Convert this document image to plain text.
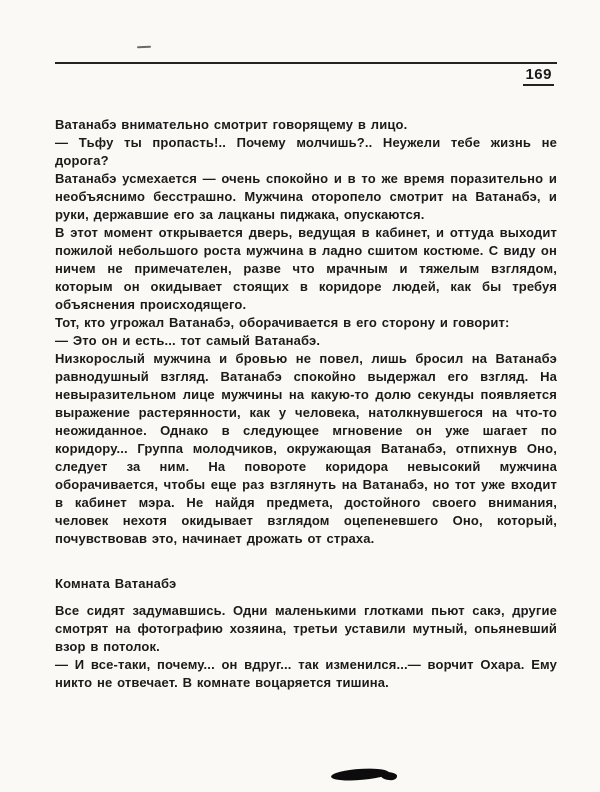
169

Ватанабэ внимательно смотрит говорящему в лицо.

— Тьфу ты пропасть!.. Почему молчишь?.. Неужели тебе жизнь не дорога?

Ватанабэ усмехается — очень спокойно и в то же время поразительно и необъяснимо бесстрашно. Мужчина оторопело смотрит на Ватанабэ, и руки, державшие его за лацканы пиджака, опускаются.

В этот момент открывается дверь, ведущая в кабинет, и оттуда выходит пожилой небольшого роста мужчина в ладно сшитом костюме. С виду он ничем не примечателен, разве что мрачным и тяжелым взглядом, которым он окидывает стоящих в коридоре людей, как бы требуя объяснения происходящего.

Тот, кто угрожал Ватанабэ, оборачивается в его сторону и говорит:

— Это он и есть... тот самый Ватанабэ.

Низкорослый мужчина и бровью не повел, лишь бросил на Ватанабэ равнодушный взгляд. Ватанабэ спокойно выдержал его взгляд. На невыразительном лице мужчины на какую-то долю секунды появляется выражение растерянности, как у человека, натолкнувшегося на что-то неожиданное. Однако в следующее мгновение он уже шагает по коридору... Группа молодчиков, окружающая Ватанабэ, отпихнув Оно, следует за ним. На повороте коридора невысокий мужчина оборачивается, чтобы еще раз взглянуть на Ватанабэ, но тот уже входит в кабинет мэра. Не найдя предмета, достойного своего внимания, человек нехотя окидывает взглядом оцепеневшего Оно, который, почувствовав это, начинает дрожать от страха.

Комната Ватанабэ

Все сидят задумавшись. Одни маленькими глотками пьют сакэ, другие смотрят на фотографию хозяина, третьи уставили мутный, опьяневший взор в потолок.

— И все-таки, почему... он вдруг... так изменился...— ворчит Охара. Ему никто не отвечает. В комнате воцаряется тишина.
